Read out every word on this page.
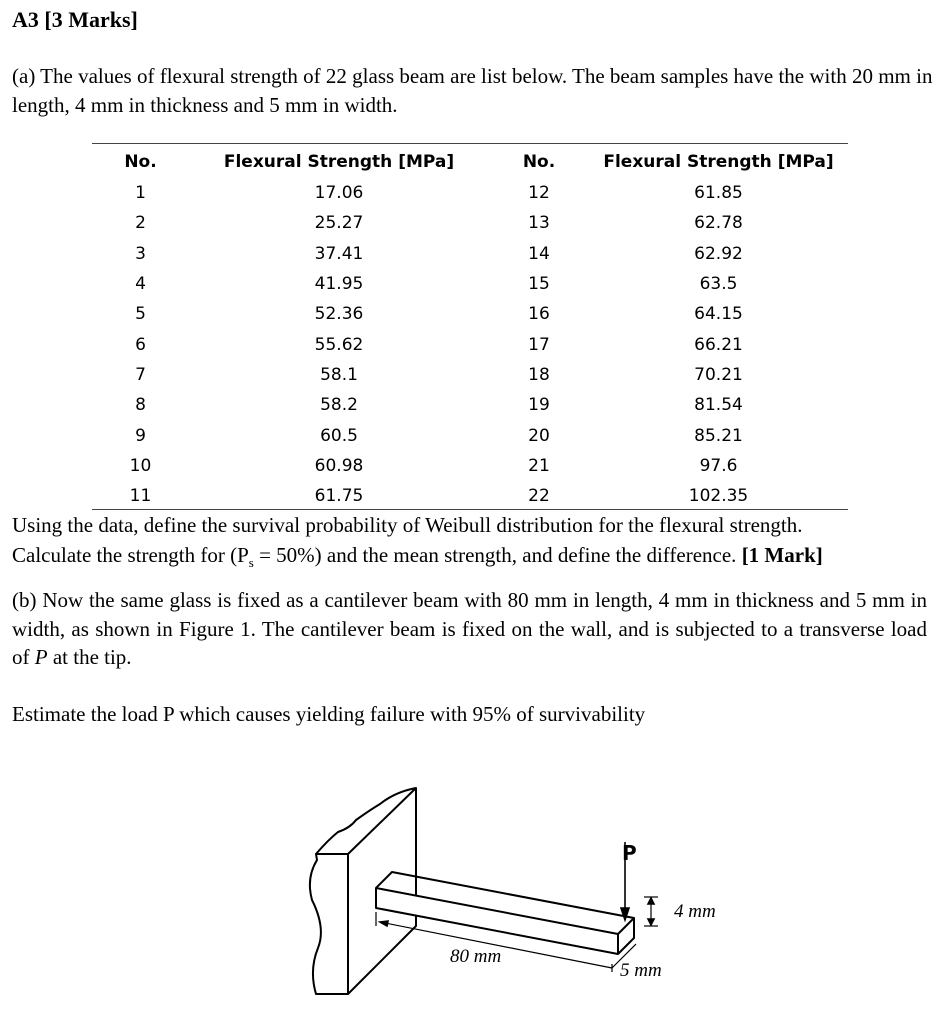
A3 [3 Marks]

(a) The values of flexural strength of 22 glass beam are list below. The beam samples have the with 20 mm in length, 4 mm in thickness and 5 mm in width.

No.	Flexural Strength [MPa]	No.	Flexural Strength [MPa]
1	17.06	12	61.85
2	25.27	13	62.78
3	37.41	14	62.92
4	41.95	15	63.5
5	52.36	16	64.15
6	55.62	17	66.21
7	58.1	18	70.21
8	58.2	19	81.54
9	60.5	20	85.21
10	60.98	21	97.6
11	61.75	22	102.35

Using the data, define the survival probability of Weibull distribution for the flexural strength.
Calculate the strength for $(P_s = 50\%)$ and the mean strength, and define the difference. [1 Mark]

(b) Now the same glass is fixed as a cantilever beam with 80 mm in length, 4 mm in thickness and 5 mm in width, as shown in Figure 1. The cantilever beam is fixed on the wall, and is subjected to a transverse load of P at the tip.

Estimate the load P which causes yielding failure with 95% of survivability

P
4 mm
80 mm
5 mm
